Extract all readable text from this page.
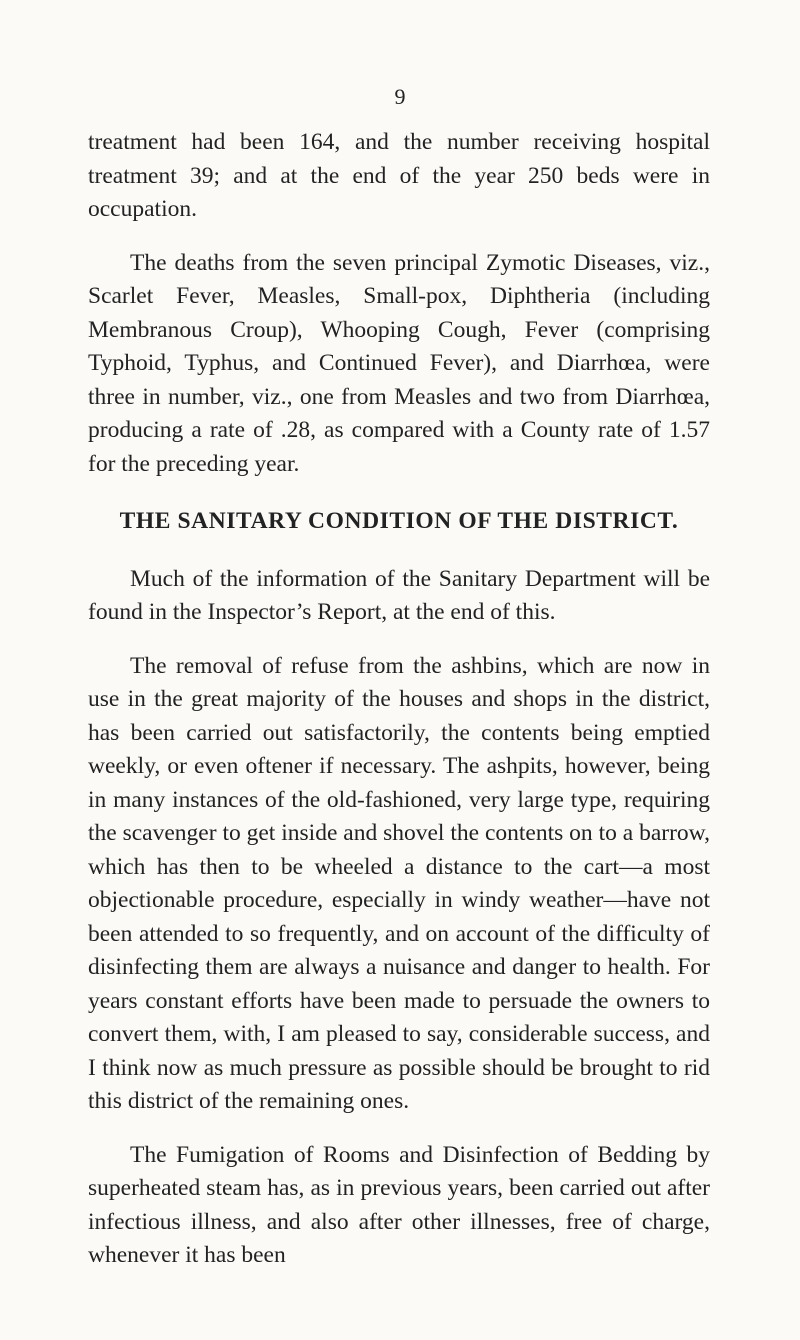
9

treatment had been 164, and the number receiving hospital treatment 39; and at the end of the year 250 beds were in occupation.

The deaths from the seven principal Zymotic Diseases, viz., Scarlet Fever, Measles, Small-pox, Diphtheria (including Membranous Croup), Whooping Cough, Fever (comprising Typhoid, Typhus, and Continued Fever), and Diarrhœa, were three in number, viz., one from Measles and two from Diarrhœa, producing a rate of .28, as compared with a County rate of 1.57 for the preceding year.

THE SANITARY CONDITION OF THE DISTRICT.

Much of the information of the Sanitary Department will be found in the Inspector’s Report, at the end of this.

The removal of refuse from the ashbins, which are now in use in the great majority of the houses and shops in the district, has been carried out satisfactorily, the contents being emptied weekly, or even oftener if necessary. The ashpits, however, being in many instances of the old-fashioned, very large type, requiring the scavenger to get inside and shovel the contents on to a barrow, which has then to be wheeled a distance to the cart—a most objectionable procedure, especially in windy weather—have not been attended to so frequently, and on account of the difficulty of disinfecting them are always a nuisance and danger to health. For years constant efforts have been made to persuade the owners to convert them, with, I am pleased to say, considerable success, and I think now as much pressure as possible should be brought to rid this district of the remaining ones.

The Fumigation of Rooms and Disinfection of Bedding by superheated steam has, as in previous years, been carried out after infectious illness, and also after other illnesses, free of charge, whenever it has been
